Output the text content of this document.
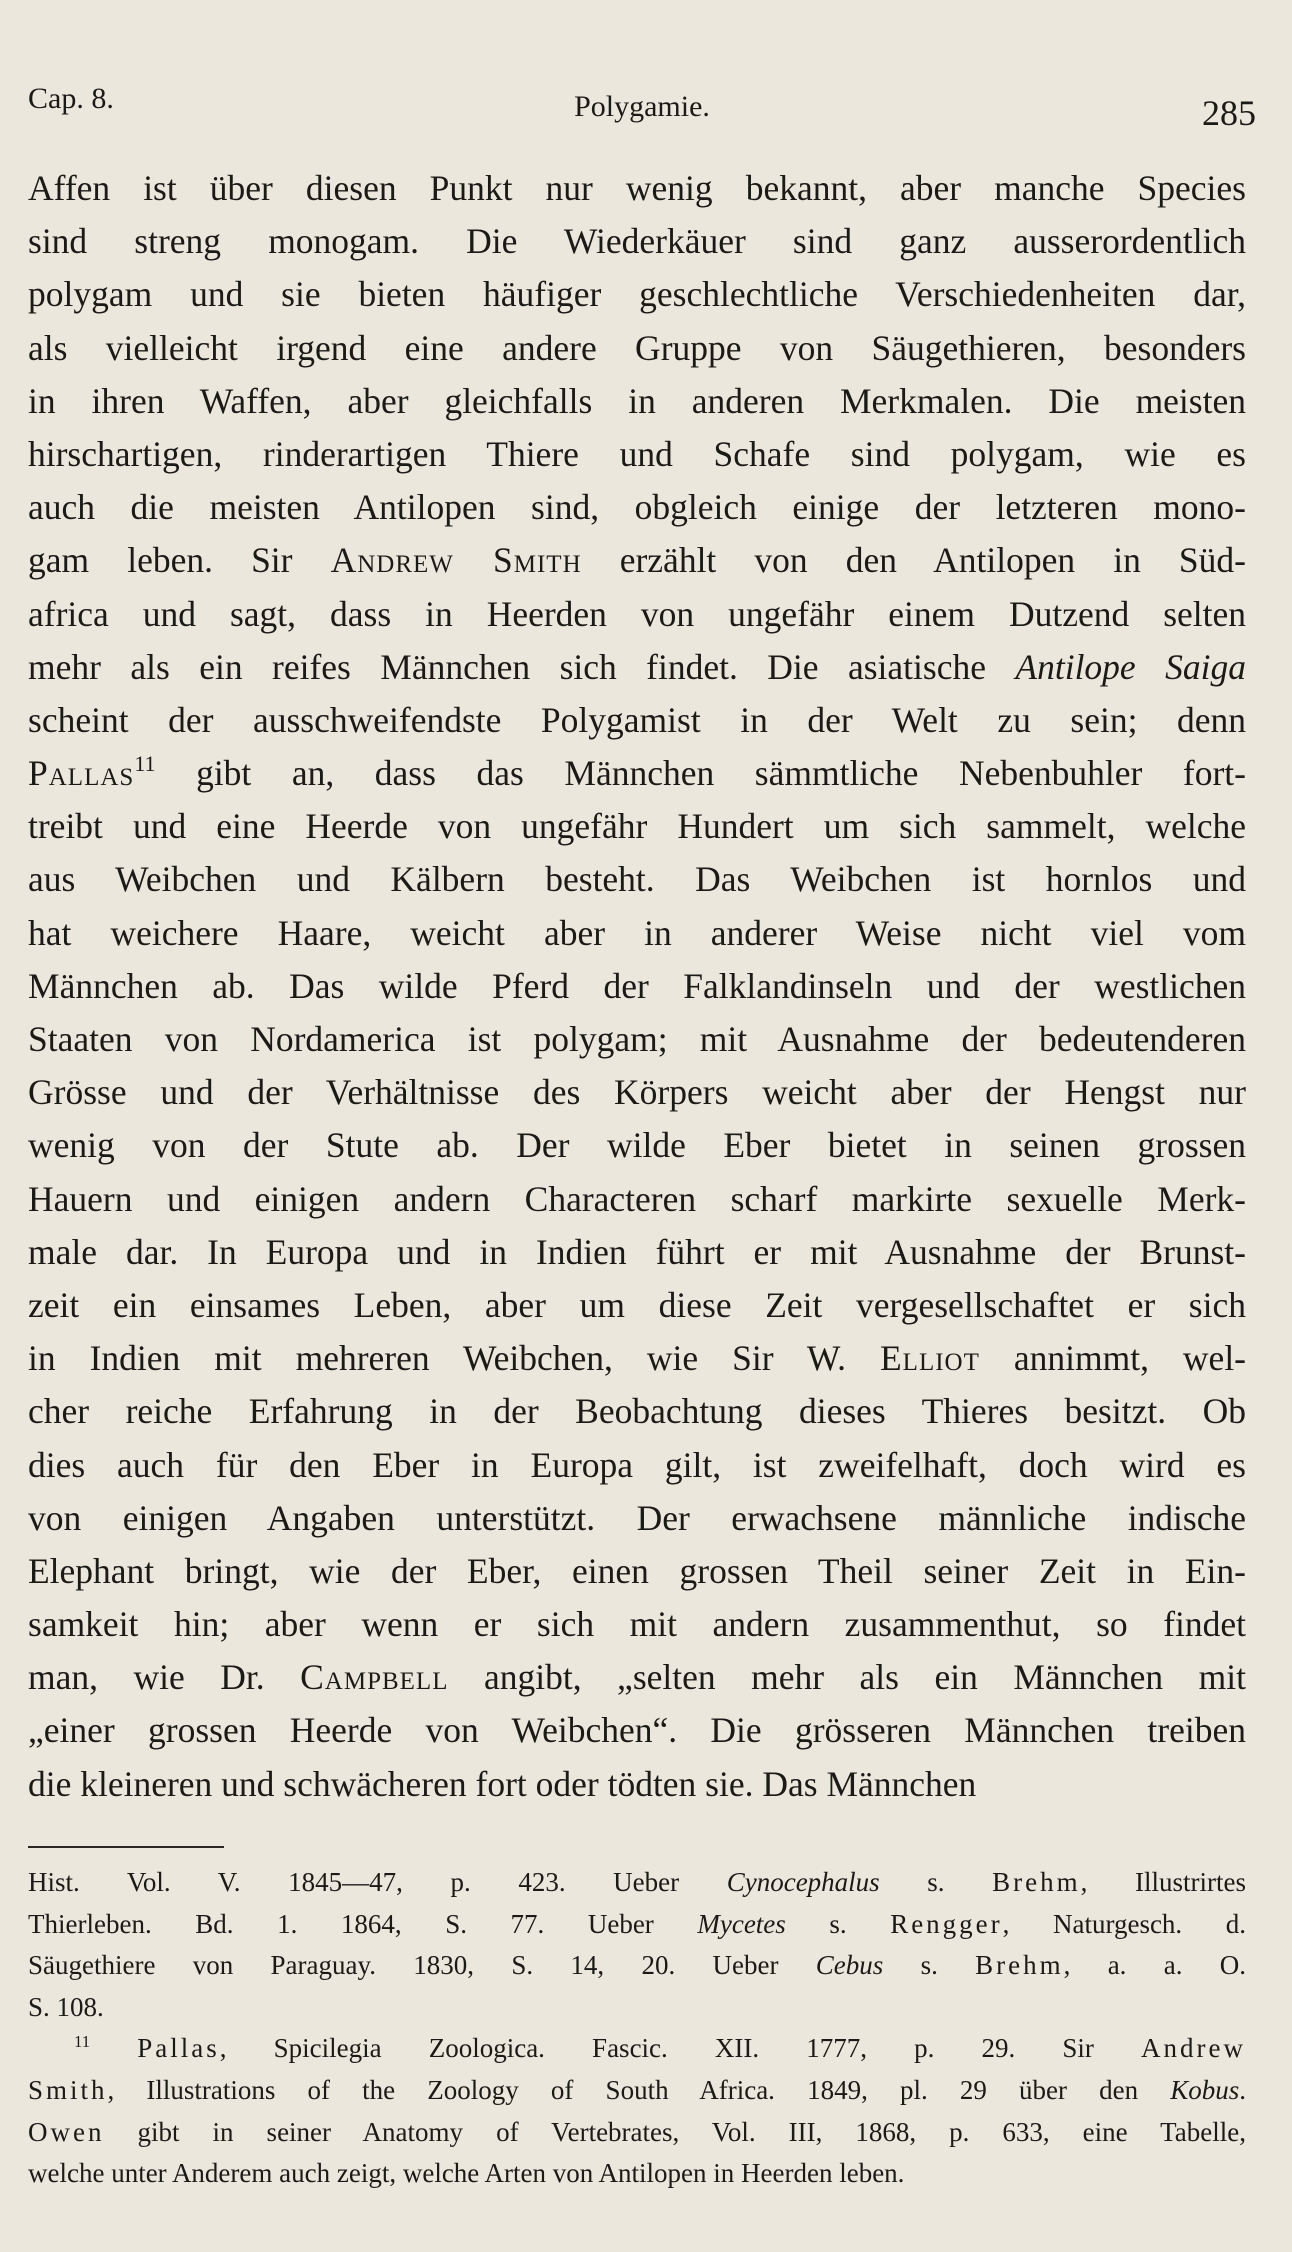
Cap. 8.	Polygamie.	285
Affen ist über diesen Punkt nur wenig bekannt, aber manche Species
sind streng monogam. Die Wiederkäuer sind ganz ausserordentlich
polygam und sie bieten häufiger geschlechtliche Verschiedenheiten dar,
als vielleicht irgend eine andere Gruppe von Säugethieren, besonders
in ihren Waffen, aber gleichfalls in anderen Merkmalen. Die meisten
hirschartigen, rinderartigen Thiere und Schafe sind polygam, wie es
auch die meisten Antilopen sind, obgleich einige der letzteren mono-
gam leben. Sir Andrew Smith erzählt von den Antilopen in Süd-
africa und sagt, dass in Heerden von ungefähr einem Dutzend selten
mehr als ein reifes Männchen sich findet. Die asiatische Antilope Saiga
scheint der ausschweifendste Polygamist in der Welt zu sein; denn
Pallas$^{11}$ gibt an, dass das Männchen sämmtliche Nebenbuhler fort-
treibt und eine Heerde von ungefähr Hundert um sich sammelt, welche
aus Weibchen und Kälbern besteht. Das Weibchen ist hornlos und
hat weichere Haare, weicht aber in anderer Weise nicht viel vom
Männchen ab. Das wilde Pferd der Falklandinseln und der westlichen
Staaten von Nordamerica ist polygam; mit Ausnahme der bedeutenderen
Grösse und der Verhältnisse des Körpers weicht aber der Hengst nur
wenig von der Stute ab. Der wilde Eber bietet in seinen grossen
Hauern und einigen andern Characteren scharf markirte sexuelle Merk-
male dar. In Europa und in Indien führt er mit Ausnahme der Brunst-
zeit ein einsames Leben, aber um diese Zeit vergesellschaftet er sich
in Indien mit mehreren Weibchen, wie Sir W. Elliot annimmt, wel-
cher reiche Erfahrung in der Beobachtung dieses Thieres besitzt. Ob
dies auch für den Eber in Europa gilt, ist zweifelhaft, doch wird es
von einigen Angaben unterstützt. Der erwachsene männliche indische
Elephant bringt, wie der Eber, einen grossen Theil seiner Zeit in Ein-
samkeit hin; aber wenn er sich mit andern zusammenthut, so findet
man, wie Dr. Campbell angibt, „selten mehr als ein Männchen mit
„einer grossen Heerde von Weibchen“. Die grösseren Männchen treiben
die kleineren und schwächeren fort oder tödten sie. Das Männchen
Hist. Vol. V. 1845—47, p. 423. Ueber Cynocephalus s. Brehm, Illustrirtes
Thierleben. Bd. 1. 1864, S. 77. Ueber Mycetes s. Rengger, Naturgesch. d.
Säugethiere von Paraguay. 1830, S. 14, 20. Ueber Cebus s. Brehm, a. a. O.
S. 108.
$^{11}$ Pallas, Spicilegia Zoologica. Fascic. XII. 1777, p. 29. Sir Andrew
Smith, Illustrations of the Zoology of South Africa. 1849, pl. 29 über den Kobus.
Owen gibt in seiner Anatomy of Vertebrates, Vol. III, 1868, p. 633, eine Tabelle,
welche unter Anderem auch zeigt, welche Arten von Antilopen in Heerden leben.
